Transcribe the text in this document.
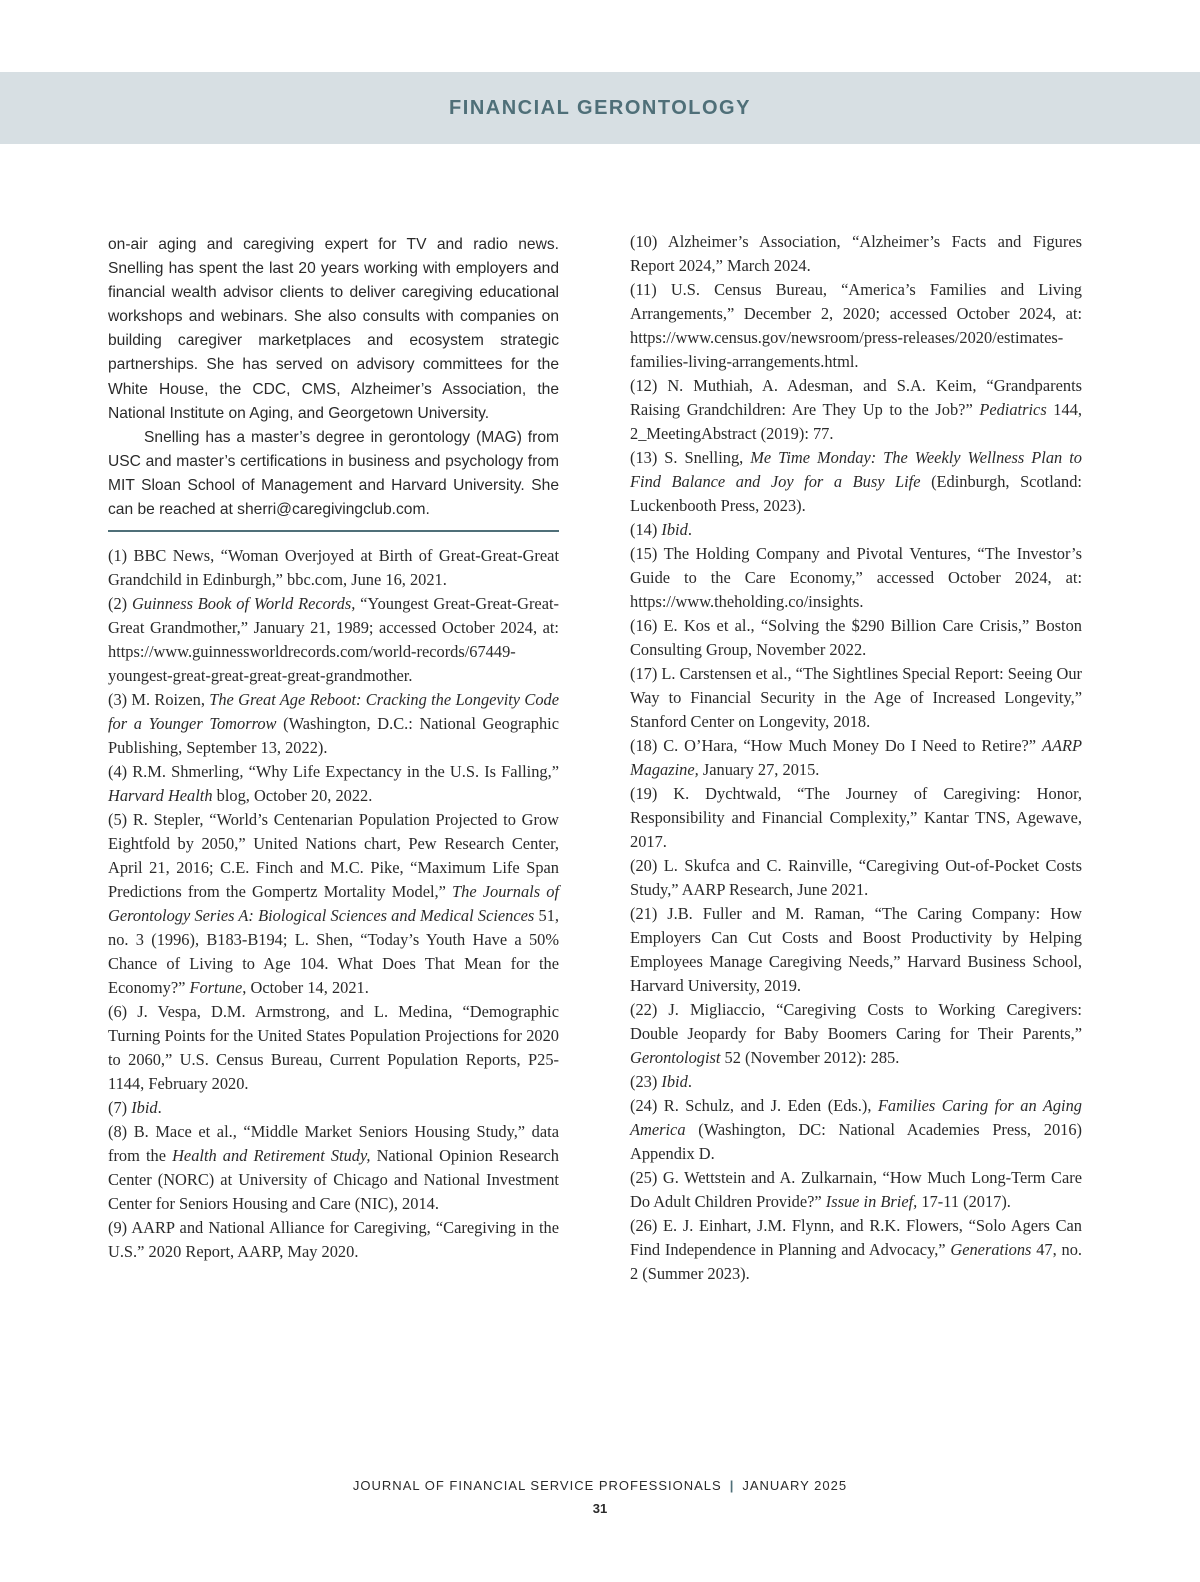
FINANCIAL GERONTOLOGY

on-air aging and caregiving expert for TV and radio news. Snelling has spent the last 20 years working with employers and financial wealth advisor clients to deliver caregiving educational workshops and webinars. She also consults with companies on building caregiver marketplaces and ecosystem strategic partnerships. She has served on advisory committees for the White House, the CDC, CMS, Alzheimer’s Association, the National Institute on Aging, and Georgetown University.

Snelling has a master’s degree in gerontology (MAG) from USC and master’s certifications in business and psychology from MIT Sloan School of Management and Harvard University. She can be reached at sherri@caregivingclub.com.

(1) BBC News, “Woman Overjoyed at Birth of Great-Great-Great Grandchild in Edinburgh,” bbc.com, June 16, 2021.

(2) Guinness Book of World Records, “Youngest Great-Great-Great-Great Grandmother,” January 21, 1989; accessed October 2024, at: https://www.guinnessworldrecords.com/world-records/67449-youngest-great-great-great-great-grandmother.

(3) M. Roizen, The Great Age Reboot: Cracking the Longevity Code for a Younger Tomorrow (Washington, D.C.: National Geographic Publishing, September 13, 2022).

(4) R.M. Shmerling, “Why Life Expectancy in the U.S. Is Falling,” Harvard Health blog, October 20, 2022.

(5) R. Stepler, “World’s Centenarian Population Projected to Grow Eightfold by 2050,” United Nations chart, Pew Research Center, April 21, 2016; C.E. Finch and M.C. Pike, “Maximum Life Span Predictions from the Gompertz Mortality Model,” The Journals of Gerontology Series A: Biological Sciences and Medical Sciences 51, no. 3 (1996), B183-B194; L. Shen, “Today’s Youth Have a 50% Chance of Living to Age 104. What Does That Mean for the Economy?” Fortune, October 14, 2021.

(6) J. Vespa, D.M. Armstrong, and L. Medina, “Demographic Turning Points for the United States Population Projections for 2020 to 2060,” U.S. Census Bureau, Current Population Reports, P25-1144, February 2020.

(7) Ibid.

(8) B. Mace et al., “Middle Market Seniors Housing Study,” data from the Health and Retirement Study, National Opinion Research Center (NORC) at University of Chicago and National Investment Center for Seniors Housing and Care (NIC), 2014.

(9) AARP and National Alliance for Caregiving, “Caregiving in the U.S.” 2020 Report, AARP, May 2020.

(10) Alzheimer’s Association, “Alzheimer’s Facts and Figures Report 2024,” March 2024.

(11) U.S. Census Bureau, “America’s Families and Living Arrangements,” December 2, 2020; accessed October 2024, at: https://www.census.gov/newsroom/press-releases/2020/estimates-families-living-arrangements.html.

(12) N. Muthiah, A. Adesman, and S.A. Keim, “Grandparents Raising Grandchildren: Are They Up to the Job?” Pediatrics 144, 2_MeetingAbstract (2019): 77.

(13) S. Snelling, Me Time Monday: The Weekly Wellness Plan to Find Balance and Joy for a Busy Life (Edinburgh, Scotland: Luckenbooth Press, 2023).

(14) Ibid.

(15) The Holding Company and Pivotal Ventures, “The Investor’s Guide to the Care Economy,” accessed October 2024, at: https://www.theholding.co/insights.

(16) E. Kos et al., “Solving the $290 Billion Care Crisis,” Boston Consulting Group, November 2022.

(17) L. Carstensen et al., “The Sightlines Special Report: Seeing Our Way to Financial Security in the Age of Increased Longevity,” Stanford Center on Longevity, 2018.

(18) C. O’Hara, “How Much Money Do I Need to Retire?” AARP Magazine, January 27, 2015.

(19) K. Dychtwald, “The Journey of Caregiving: Honor, Responsibility and Financial Complexity,” Kantar TNS, Agewave, 2017.

(20) L. Skufca and C. Rainville, “Caregiving Out-of-Pocket Costs Study,” AARP Research, June 2021.

(21) J.B. Fuller and M. Raman, “The Caring Company: How Employers Can Cut Costs and Boost Productivity by Helping Employees Manage Caregiving Needs,” Harvard Business School, Harvard University, 2019.

(22) J. Migliaccio, “Caregiving Costs to Working Caregivers: Double Jeopardy for Baby Boomers Caring for Their Parents,” Gerontologist 52 (November 2012): 285.

(23) Ibid.

(24) R. Schulz, and J. Eden (Eds.), Families Caring for an Aging America (Washington, DC: National Academies Press, 2016) Appendix D.

(25) G. Wettstein and A. Zulkarnain, “How Much Long-Term Care Do Adult Children Provide?” Issue in Brief, 17-11 (2017).

(26) E. J. Einhart, J.M. Flynn, and R.K. Flowers, “Solo Agers Can Find Independence in Planning and Advocacy,” Generations 47, no. 2 (Summer 2023).

JOURNAL OF FINANCIAL SERVICE PROFESSIONALS | JANUARY 2025
31
